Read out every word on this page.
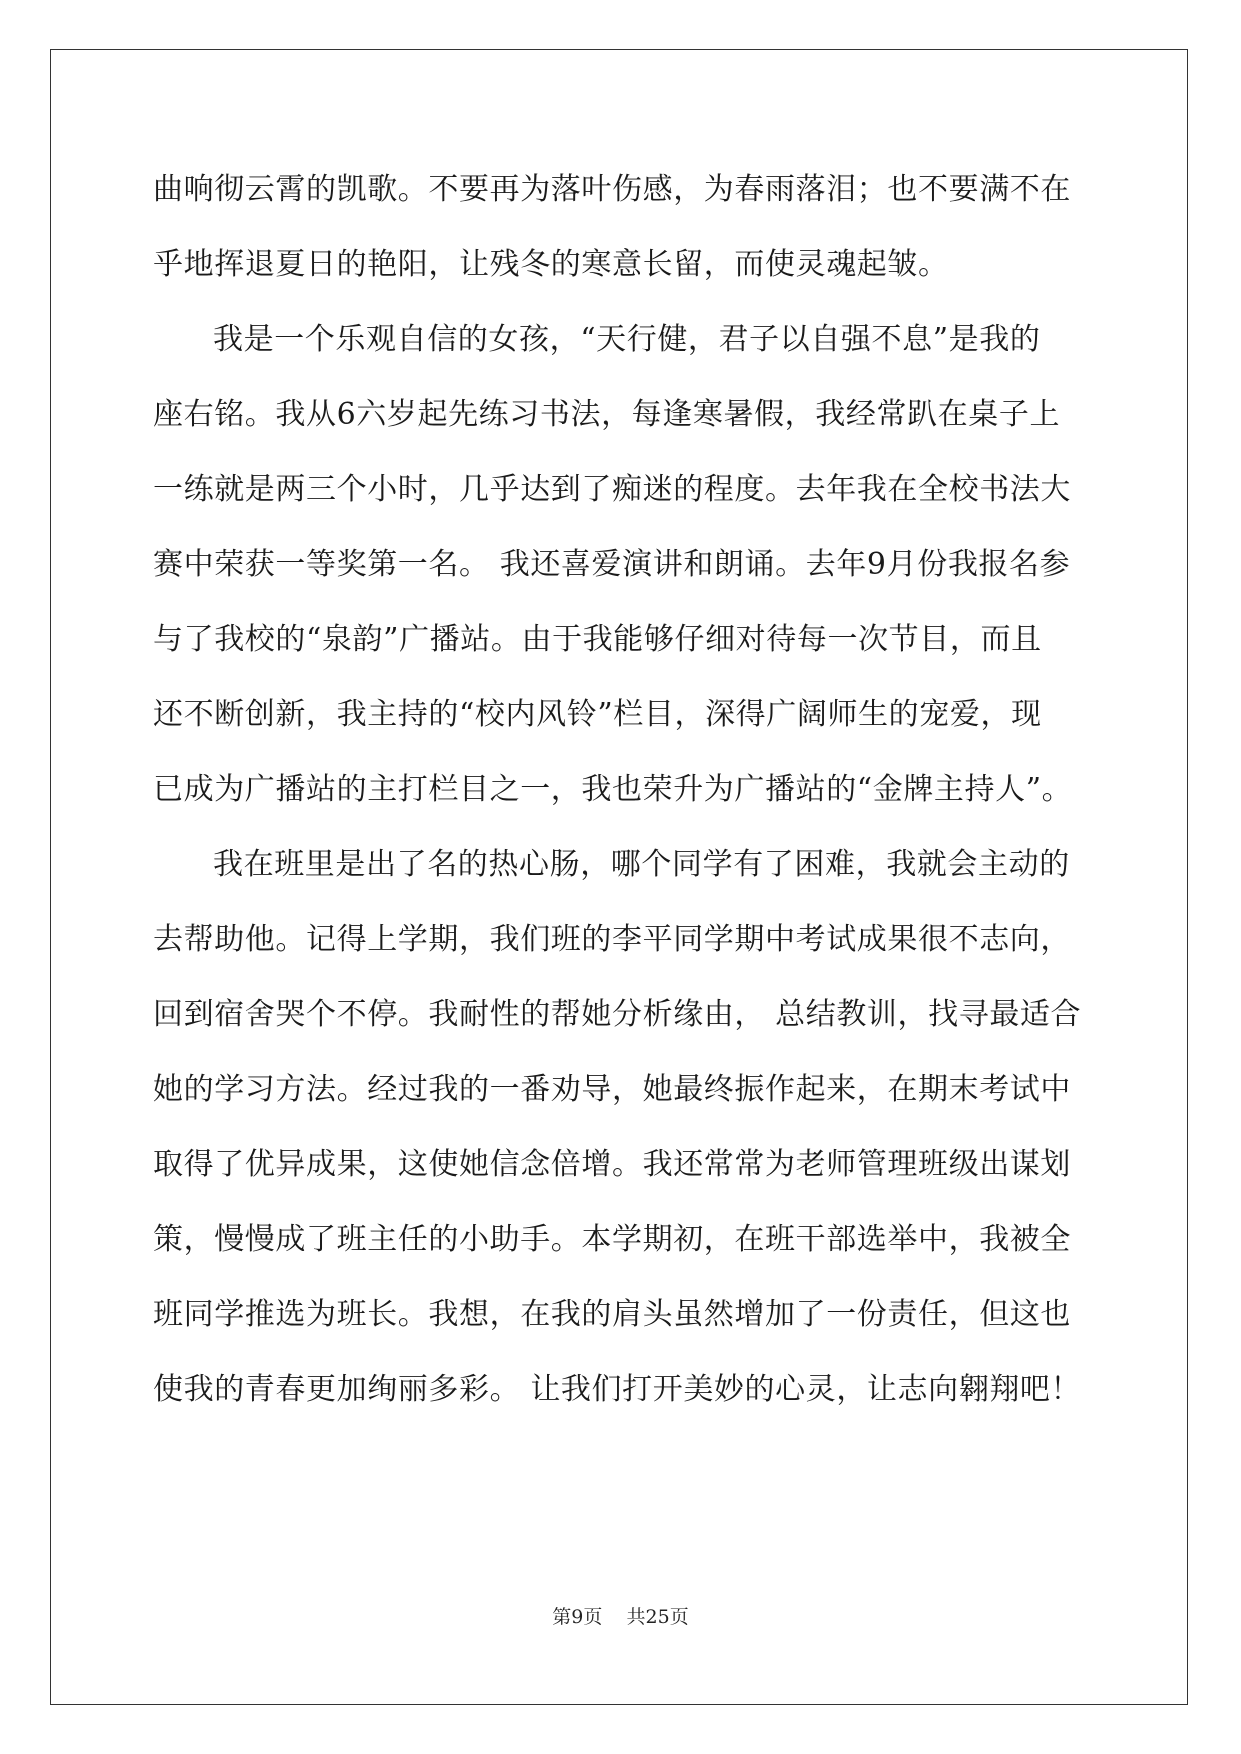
曲响彻云霄的凯歌。不要再为落叶伤感，为春雨落泪；也不要满不在
乎地挥退夏日的艳阳，让残冬的寒意长留，而使灵魂起皱。
我是一个乐观自信的女孩，“天行健，君子以自强不息”是我的
座右铭。我从6六岁起先练习书法，每逢寒暑假，我经常趴在桌子上
一练就是两三个小时，几乎达到了痴迷的程度。去年我在全校书法大
赛中荣获一等奖第一名。 我还喜爱演讲和朗诵。去年9月份我报名参
与了我校的“泉韵”广播站。由于我能够仔细对待每一次节目，而且
还不断创新，我主持的“校内风铃”栏目，深得广阔师生的宠爱，现
已成为广播站的主打栏目之一，我也荣升为广播站的“金牌主持人”。
我在班里是出了名的热心肠，哪个同学有了困难，我就会主动的
去帮助他。记得上学期，我们班的李平同学期中考试成果很不志向，
回到宿舍哭个不停。我耐性的帮她分析缘由， 总结教训，找寻最适合
她的学习方法。经过我的一番劝导，她最终振作起来，在期末考试中
取得了优异成果，这使她信念倍增。我还常常为老师管理班级出谋划
策，慢慢成了班主任的小助手。本学期初，在班干部选举中，我被全
班同学推选为班长。我想，在我的肩头虽然增加了一份责任，但这也
使我的青春更加绚丽多彩。 让我们打开美妙的心灵，让志向翱翔吧！
第9页    共25页
